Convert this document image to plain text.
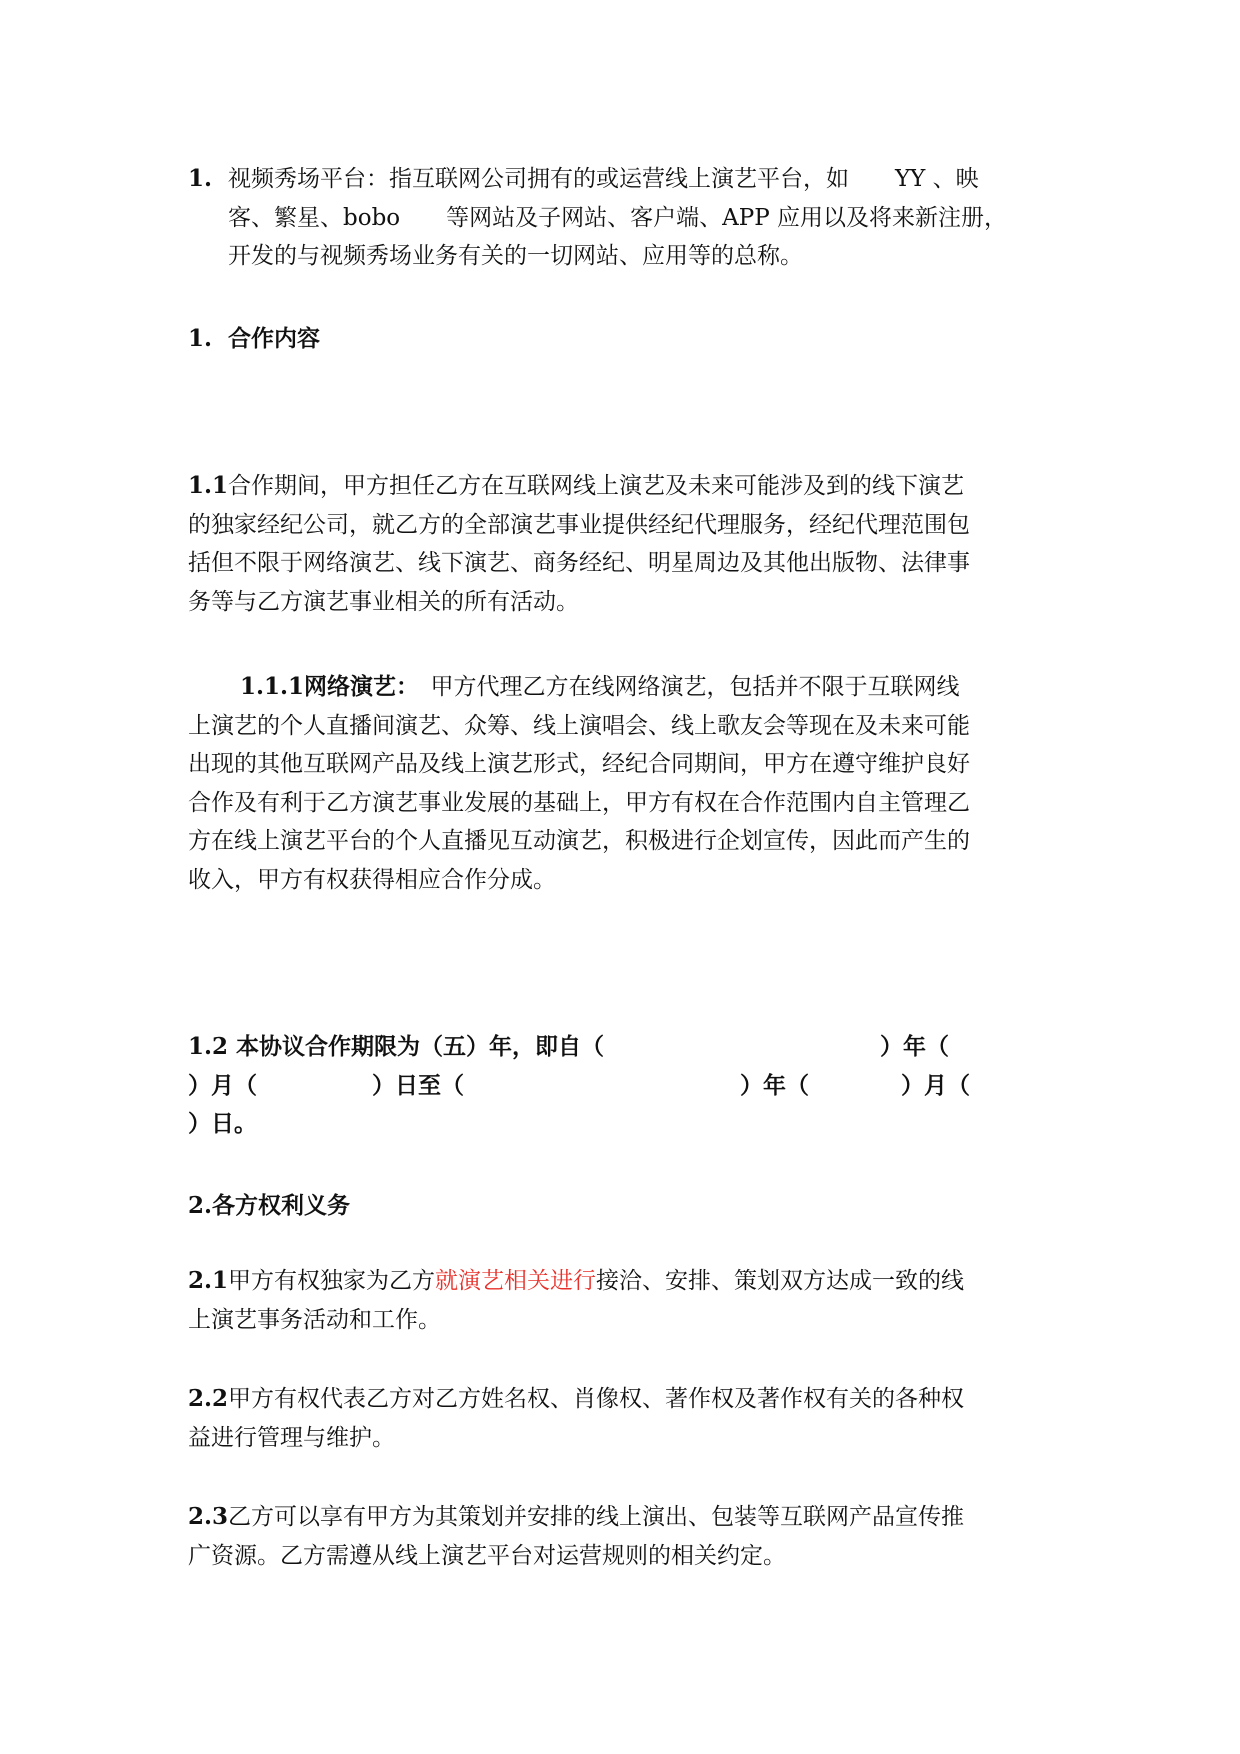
1. 视频秀场平台：指互联网公司拥有的或运营线上演艺平台，如　　YY 、映
客、繁星、bobo　　等网站及子网站、客户端、APP 应用以及将来新注册，
开发的与视频秀场业务有关的一切网站、应用等的总称。
1. 合作内容
1.1合作期间，甲方担任乙方在互联网线上演艺及未来可能涉及到的线下演艺
的独家经纪公司，就乙方的全部演艺事业提供经纪代理服务，经纪代理范围包
括但不限于网络演艺、线下演艺、商务经纪、明星周边及其他出版物、法律事
务等与乙方演艺事业相关的所有活动。
1.1.1网络演艺：　甲方代理乙方在线网络演艺，包括并不限于互联网线
上演艺的个人直播间演艺、众筹、线上演唱会、线上歌友会等现在及未来可能
出现的其他互联网产品及线上演艺形式，经纪合同期间，甲方在遵守维护良好
合作及有利于乙方演艺事业发展的基础上，甲方有权在合作范围内自主管理乙
方在线上演艺平台的个人直播见互动演艺，积极进行企划宣传，因此而产生的
收入，甲方有权获得相应合作分成。
1.2 本协议合作期限为（五）年，即自（　　　　　　　　　　　　）年（
）月（　　　　　）日至（　　　　　　　　　　　　）年（　　　　）月（
）日。
2.各方权利义务
2.1甲方有权独家为乙方就演艺相关进行接洽、安排、策划双方达成一致的线
上演艺事务活动和工作。
2.2甲方有权代表乙方对乙方姓名权、肖像权、著作权及著作权有关的各种权
益进行管理与维护。
2.3乙方可以享有甲方为其策划并安排的线上演出、包装等互联网产品宣传推
广资源。乙方需遵从线上演艺平台对运营规则的相关约定。
